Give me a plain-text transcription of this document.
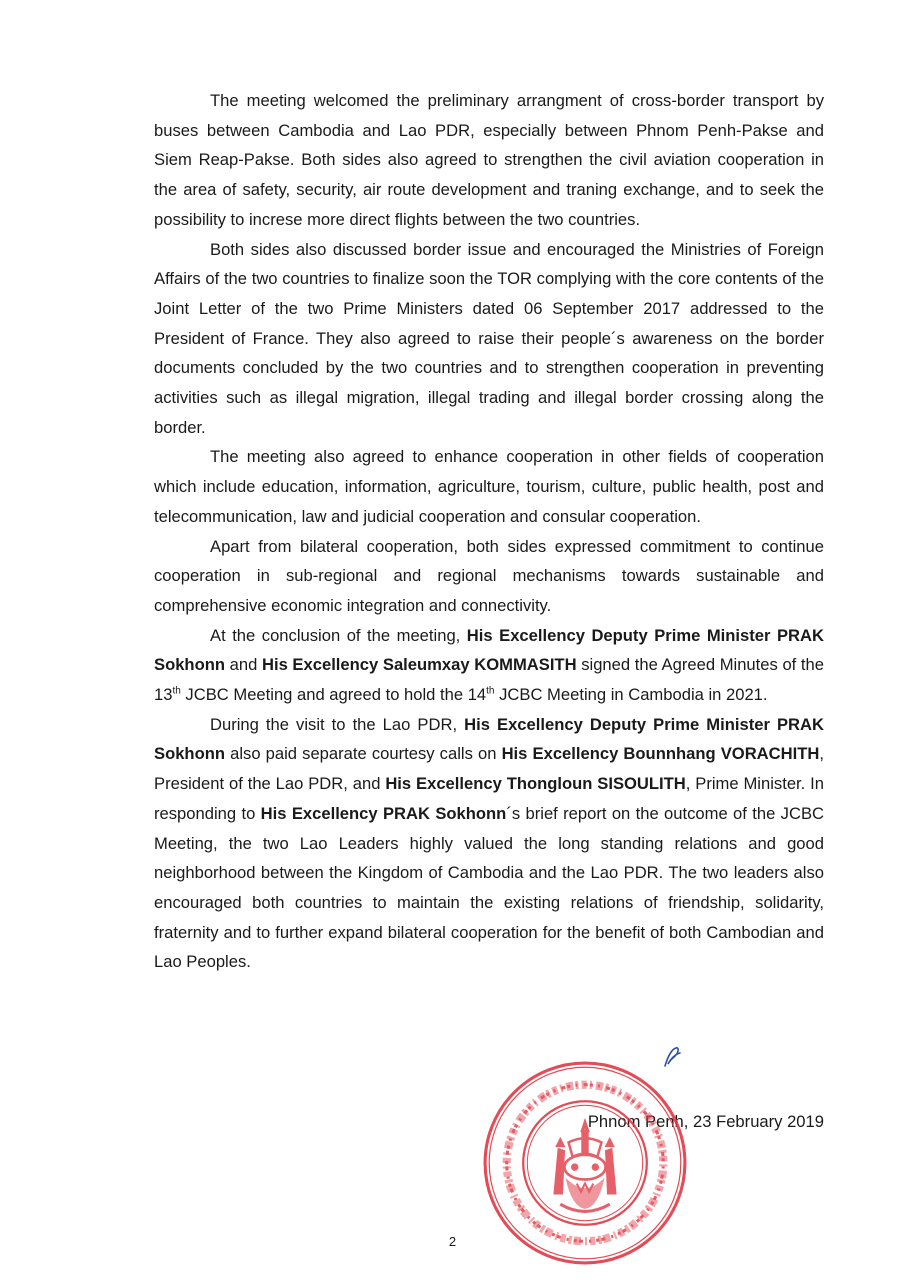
The meeting welcomed the preliminary arrangment of cross-border transport by buses between Cambodia and Lao PDR, especially between Phnom Penh-Pakse and Siem Reap-Pakse. Both sides also agreed to strengthen the civil aviation cooperation in the area of safety, security, air route development and traning exchange, and to seek the possibility to increse more direct flights between the two countries.

Both sides also discussed border issue and encouraged the Ministries of Foreign Affairs of the two countries to finalize soon the TOR complying with the core contents of the Joint Letter of the two Prime Ministers dated 06 September 2017 addressed to the President of France. They also agreed to raise their people´s awareness on the border documents concluded by the two countries and to strengthen cooperation in preventing activities such as illegal migration, illegal trading and illegal border crossing along the border.

The meeting also agreed to enhance cooperation in other fields of cooperation which include education, information, agriculture, tourism, culture, public health, post and telecommunication, law and judicial cooperation and consular cooperation.

Apart from bilateral cooperation, both sides expressed commitment to continue cooperation in sub-regional and regional mechanisms towards sustainable and comprehensive economic integration and connectivity.

At the conclusion of the meeting, His Excellency Deputy Prime Minister PRAK Sokhonn and His Excellency Saleumxay KOMMASITH signed the Agreed Minutes of the 13th JCBC Meeting and agreed to hold the 14th JCBC Meeting in Cambodia in 2021.

During the visit to the Lao PDR, His Excellency Deputy Prime Minister PRAK Sokhonn also paid separate courtesy calls on His Excellency Bounnhang VORACHITH, President of the Lao PDR, and His Excellency Thongloun SISOULITH, Prime Minister. In responding to His Excellency PRAK Sokhonn´s brief report on the outcome of the JCBC Meeting, the two Lao Leaders highly valued the long standing relations and good neighborhood between the Kingdom of Cambodia and the Lao PDR. The two leaders also encouraged both countries to maintain the existing relations of friendship, solidarity, fraternity and to further expand bilateral cooperation for the benefit of both Cambodian and Lao Peoples.

Phnom Penh, 23 February 2019
2
